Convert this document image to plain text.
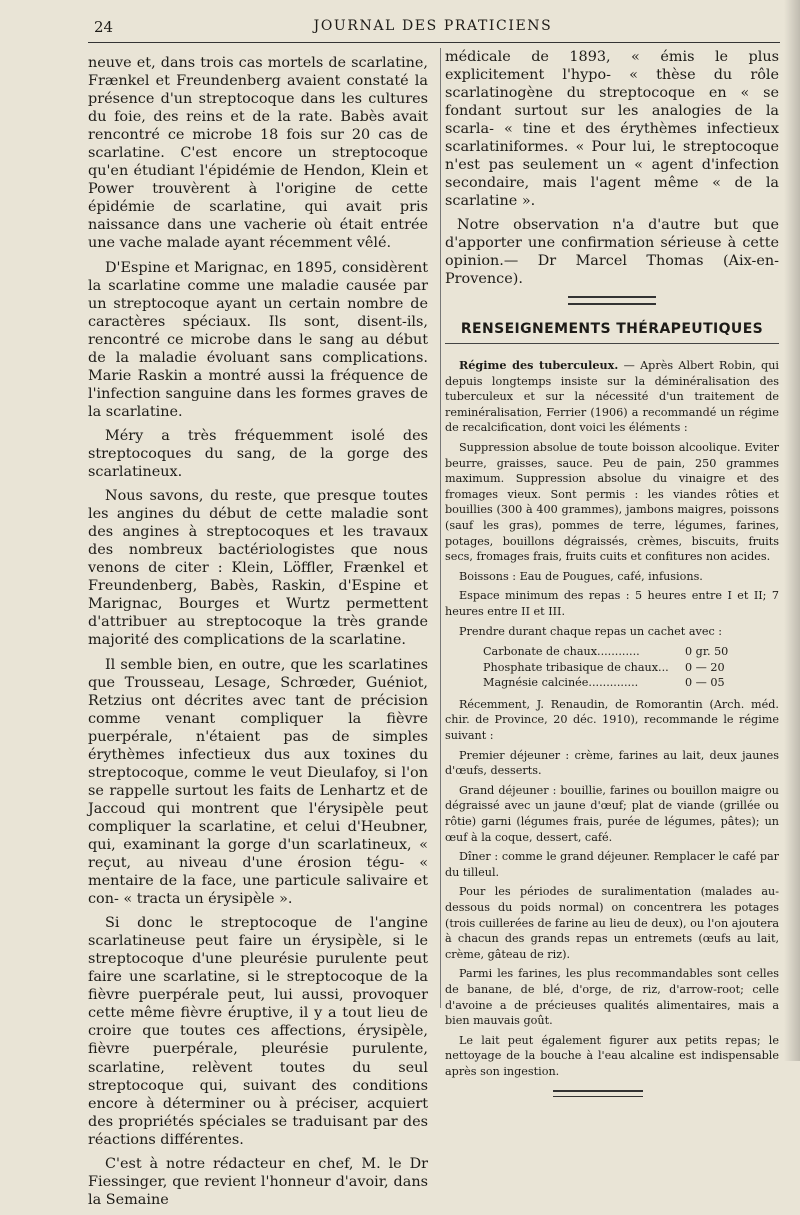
24	JOURNAL DES PRATICIENS

neuve et, dans trois cas mortels de scarlatine, Frænkel et Freundenberg avaient constaté la présence d'un streptocoque dans les cultures du foie, des reins et de la rate. Babès avait rencontré ce microbe 18 fois sur 20 cas de scarlatine. C'est encore un streptocoque qu'en étudiant l'épidémie de Hendon, Klein et Power trouvèrent à l'origine de cette épidémie de scarlatine, qui avait pris naissance dans une vacherie où était entrée une vache malade ayant récemment vêlé.

D'Espine et Marignac, en 1895, considèrent la scarlatine comme une maladie causée par un streptocoque ayant un certain nombre de caractères spéciaux. Ils sont, disent-ils, rencontré ce microbe dans le sang au début de la maladie évoluant sans complications. Marie Raskin a montré aussi la fréquence de l'infection sanguine dans les formes graves de la scarlatine.

Méry a très fréquemment isolé des streptocoques du sang, de la gorge des scarlatineux.

Nous savons, du reste, que presque toutes les angines du début de cette maladie sont des angines à streptocoques et les travaux des nombreux bactériologistes que nous venons de citer : Klein, Löffler, Frænkel et Freundenberg, Babès, Raskin, d'Espine et Marignac, Bourges et Wurtz permettent d'attribuer au streptocoque la très grande majorité des complications de la scarlatine.

Il semble bien, en outre, que les scarlatines que Trousseau, Lesage, Schrœder, Guéniot, Retzius ont décrites avec tant de précision comme venant compliquer la fièvre puerpérale, n'étaient pas de simples érythèmes infectieux dus aux toxines du streptocoque, comme le veut Dieulafoy, si l'on se rappelle surtout les faits de Lenhartz et de Jaccoud qui montrent que l'érysipèle peut compliquer la scarlatine, et celui d'Heubner, qui, examinant la gorge d'un scarlatineux, « reçut, au niveau d'une érosion tégu- « mentaire de la face, une particule salivaire et con- « tracta un érysipèle ».

Si donc le streptocoque de l'angine scarlatineuse peut faire un érysipèle, si le streptocoque d'une pleurésie purulente peut faire une scarlatine, si le streptocoque de la fièvre puerpérale peut, lui aussi, provoquer cette même fièvre éruptive, il y a tout lieu de croire que toutes ces affections, érysipèle, fièvre puerpérale, pleurésie purulente, scarlatine, relèvent toutes du seul streptocoque qui, suivant des conditions encore à déterminer ou à préciser, acquiert des propriétés spéciales se traduisant par des réactions différentes.

C'est à notre rédacteur en chef, M. le Dr Fiessinger, que revient l'honneur d'avoir, dans la Semaine

médicale de 1893, « émis le plus explicitement l'hypo- « thèse du rôle scarlatinogène du streptocoque en « se fondant surtout sur les analogies de la scarla- « tine et des érythèmes infectieux scarlatiniformes. « Pour lui, le streptocoque n'est pas seulement un « agent d'infection secondaire, mais l'agent même « de la scarlatine ».

Notre observation n'a d'autre but que d'apporter une confirmation sérieuse à cette opinion.— Dr Marcel Thomas (Aix-en-Provence).

RENSEIGNEMENTS THÉRAPEUTIQUES

Régime des tuberculeux. — Après Albert Robin, qui depuis longtemps insiste sur la déminéralisation des tuberculeux et sur la nécessité d'un traitement de reminéralisation, Ferrier (1906) a recommandé un régime de recalcification, dont voici les éléments :

Suppression absolue de toute boisson alcoolique. Eviter beurre, graisses, sauce. Peu de pain, 250 grammes maximum. Suppression absolue du vinaigre et des fromages vieux. Sont permis : les viandes rôties et bouillies (300 à 400 grammes), jambons maigres, poissons (sauf les gras), pommes de terre, légumes, farines, potages, bouillons dégraissés, crèmes, biscuits, fruits secs, fromages frais, fruits cuits et confitures non acides.

Boissons : Eau de Pougues, café, infusions.

Espace minimum des repas : 5 heures entre I et II; 7 heures entre II et III.

Prendre durant chaque repas un cachet avec :

Carbonate de chaux............	0 gr. 50
Phosphate tribasique de chaux...	0 — 20
Magnésie calcinée..............	0 — 05

Récemment, J. Renaudin, de Romorantin (Arch. méd. chir. de Province, 20 déc. 1910), recommande le régime suivant :

Premier déjeuner : crème, farines au lait, deux jaunes d'œufs, desserts.

Grand déjeuner : bouillie, farines ou bouillon maigre ou dégraissé avec un jaune d'œuf; plat de viande (grillée ou rôtie) garni (légumes frais, purée de légumes, pâtes); un œuf à la coque, dessert, café.

Dîner : comme le grand déjeuner. Remplacer le café par du tilleul.

Pour les périodes de suralimentation (malades au-dessous du poids normal) on concentrera les potages (trois cuillerées de farine au lieu de deux), ou l'on ajoutera à chacun des grands repas un entremets (œufs au lait, crème, gâteau de riz).

Parmi les farines, les plus recommandables sont celles de banane, de blé, d'orge, de riz, d'arrow-root; celle d'avoine a de précieuses qualités alimentaires, mais a bien mauvais goût.

Le lait peut également figurer aux petits repas; le nettoyage de la bouche à l'eau alcaline est indispensable après son ingestion.
